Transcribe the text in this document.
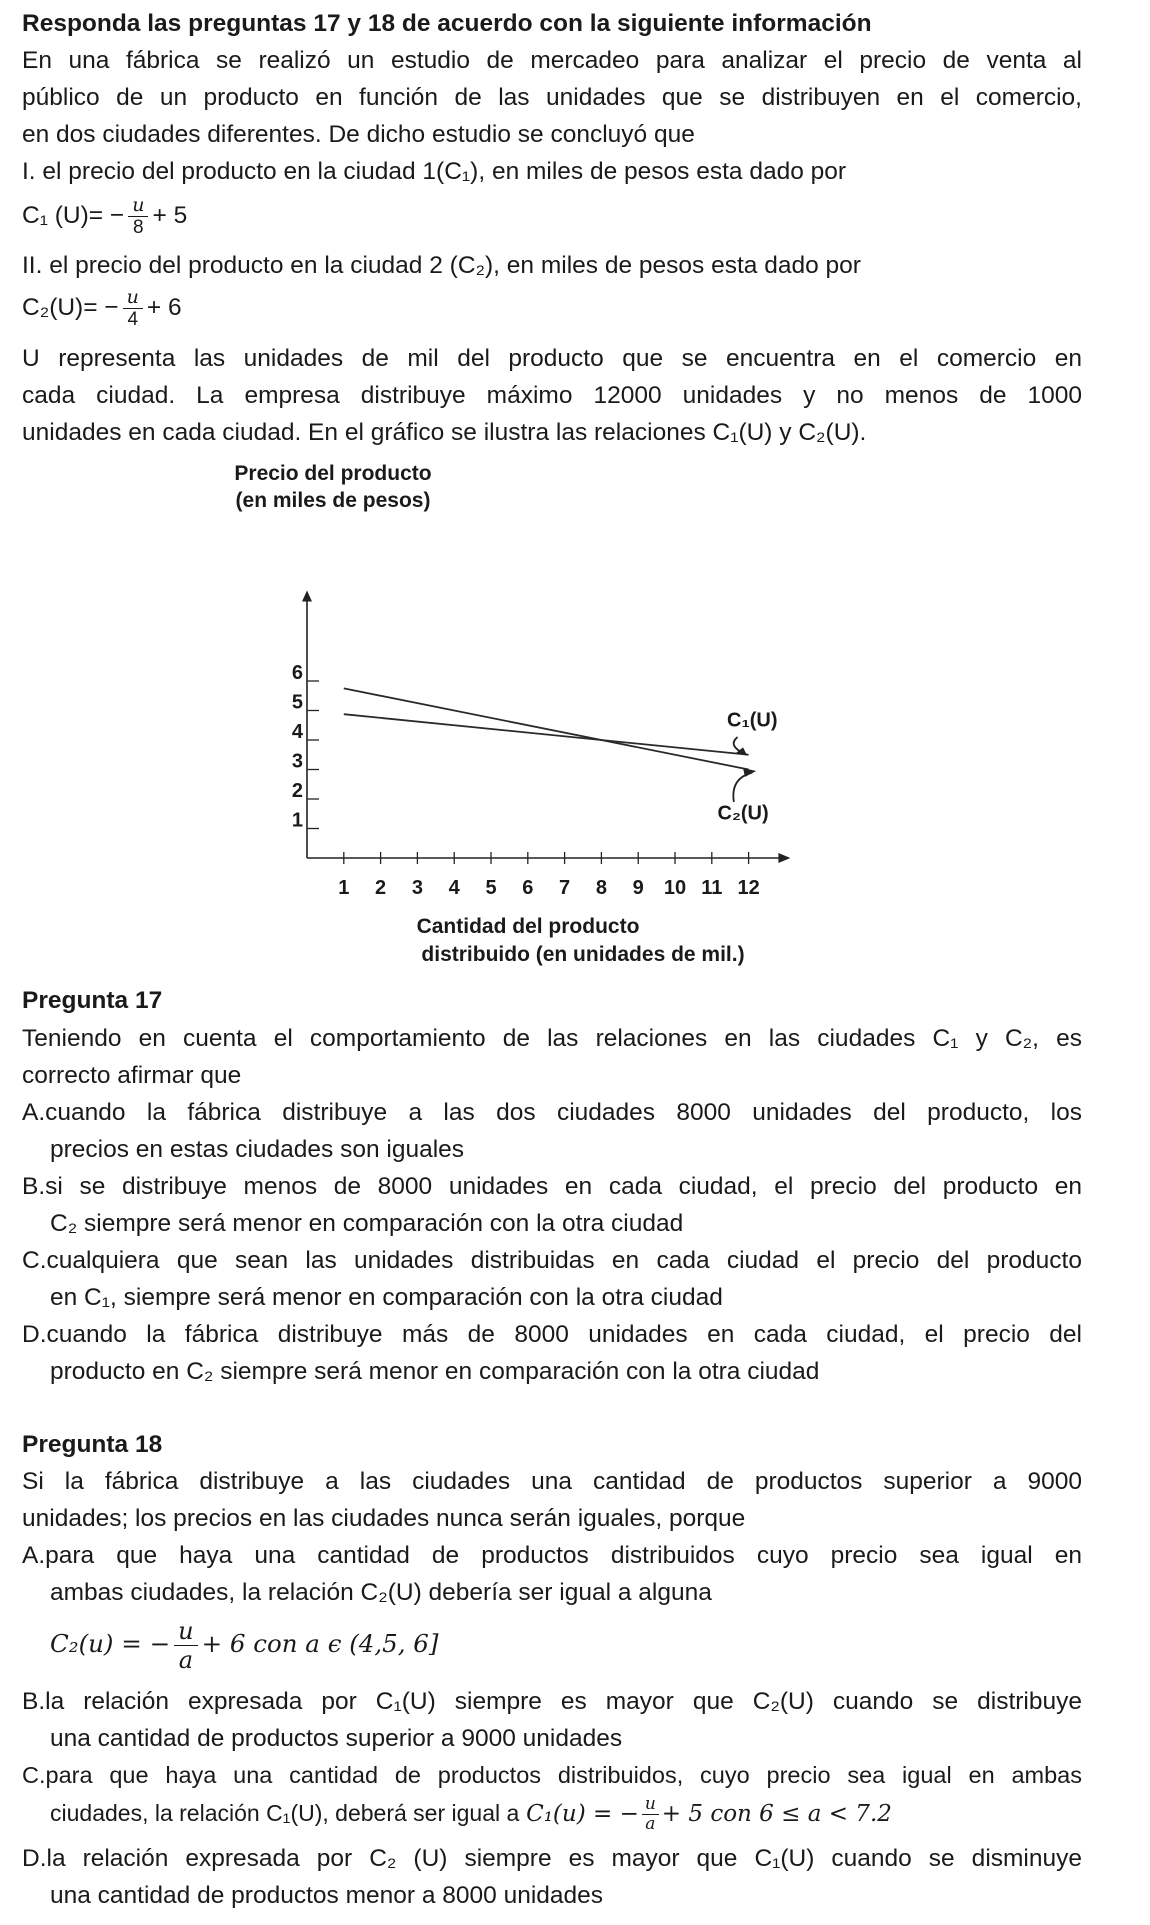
Responda las preguntas 17 y 18 de acuerdo con la siguiente información
En una fábrica se realizó un estudio de mercadeo para analizar el precio de venta al
público de un producto en función de las unidades que se distribuyen en el comercio,
en dos ciudades diferentes. De dicho estudio se concluyó que
I. el precio del producto en la ciudad 1(C₁), en miles de pesos esta dado por
C₁ $(U)= - \frac{u}{8} + 5$
II. el precio del producto en la ciudad 2 (C₂), en miles de pesos esta dado por
$C_2(U)= - \frac{u}{4} + 6$
U representa las unidades de mil del producto que se encuentra en el comercio en
cada ciudad. La empresa distribuye máximo 12000 unidades y no menos de 1000
unidades en cada ciudad. En el gráfico se ilustra las relaciones C₁(U) y C₂(U).
Precio del producto
(en miles de pesos)
1 2 3 4 5 6 7 8 9 10 11 12
1
2
3
4
5
6
C₁(U)
C₂(U)
Cantidad del producto
distribuido (en unidades de mil.)
Pregunta 17
Teniendo en cuenta el comportamiento de las relaciones en las ciudades C₁ y C₂, es
correcto afirmar que
A.cuando la fábrica distribuye a las dos ciudades 8000 unidades del producto, los
precios en estas ciudades son iguales
B.si se distribuye menos de 8000 unidades en cada ciudad, el precio del producto en
C₂ siempre será menor en comparación con la otra ciudad
C.cualquiera que sean las unidades distribuidas en cada ciudad el precio del producto
en C₁, siempre será menor en comparación con la otra ciudad
D.cuando la fábrica distribuye más de 8000 unidades en cada ciudad, el precio del
producto en C₂ siempre será menor en comparación con la otra ciudad
Pregunta 18
Si la fábrica distribuye a las ciudades una cantidad de productos superior a 9000
unidades; los precios en las ciudades nunca serán iguales, porque
A.para que haya una cantidad de productos distribuidos cuyo precio sea igual en
ambas ciudades, la relación C₂(U) debería ser igual a alguna
C₂(u) = − $\frac{u}{a} + 6$ con a ϵ (4,5, 6]
B.la relación expresada por C₁(U) siempre es mayor que C₂(U) cuando se distribuye
una cantidad de productos superior a 9000 unidades
C.para que haya una cantidad de productos distribuidos, cuyo precio sea igual en ambas
ciudades, la relación C₁(U), deberá ser igual a C₁(u) = − $\frac{u}{a} + 5$ con 6 ≤ a < 7.2
D.la relación expresada por C₂ (U) siempre es mayor que C₁(U) cuando se disminuye
una cantidad de productos menor a 8000 unidades
